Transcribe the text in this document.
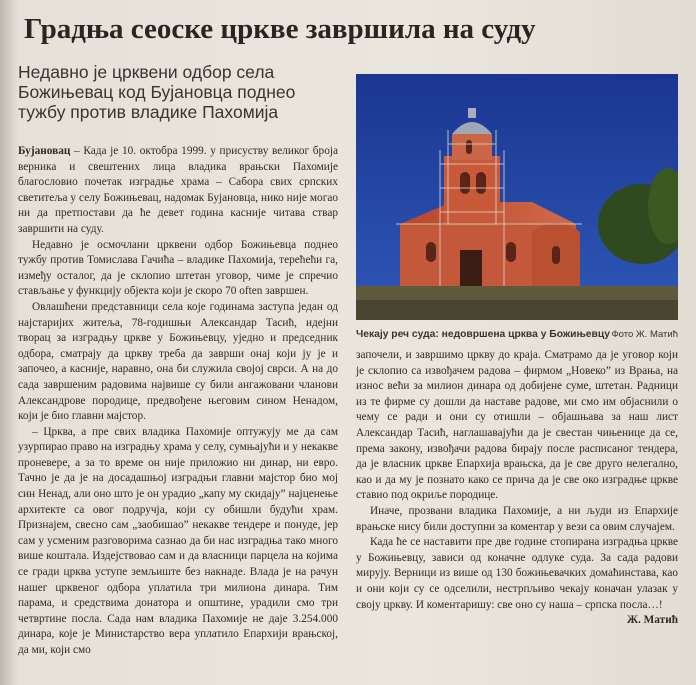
Градња сеоске цркве завршила на суду
Недавно је црквени одбор села Божињевац код Бујановца поднео тужбу против владике Пахомија

Бујановац – Када је 10. октобра 1999. у присуству великог броја верника и свештених лица владика врањски Пахомије благословио почетак изградње храма – Сабора свих српских светитеља у селу Божињевац, надомак Бујановца, нико није могао ни да претпостави да ће девет година касније читава ствар завршити на суду.

Недавно је осмочлани црквени одбор Божињевца поднео тужбу против Томислава Гачића – владике Пахомија, терећећи га, између осталог, да је склопио штетан уговор, чиме је спречио стављање у функцију објекта који је скоро 70 often завршен.

Овлашћени представници села које годинама заступа један од најстаријих житеља, 78-годишњи Александар Тасић, идејни творац за изградњу цркве у Божињевцу, уједно и председник одбора, сматрају да цркву треба да заврши онај који ју је и започео, а касније, наравно, она би служила својој сврси. А на до сада завршеним радовима највише су били ангажовани чланови Александрове породице, предвођене његовим сином Ненадом, који је био главни мајстор.

– Црква, а пре свих владика Пахомије оптужују ме да сам узурпирао право на изградњу храма у селу, сумњајући и у некакве проневере, а за то време он није приложио ни динар, ни евро. Тачно је да је на досадашњој изградњи главни мајстор био мој син Ненад, али оно што је он урадио „капу му скидају” најценење архитекте са овог подручја, који су обишли будући храм. Признајем, свесно сам „заобишао” некакве тендере и понуде, јер сам у усменим разговорима сазнао да би нас изградња тако много више коштала. Издејствовао сам и да власници парцела на којима се гради црква уступе земљиште без накнаде. Влада је на рачун нашег црквеног одбора уплатила три милиона динара. Тим парама, и средствима донатора и општине, урадили смо три четвртине посла. Сада нам владика Пахомије не даје 3.254.000 динара, које је Министарство вера уплатило Епархији врањској, да ми, који смо

Чекају реч суда: недовршена црква у Божињевцу Фото Ж. Матић

започели, и завршимо цркву до краја. Сматрамо да је уговор који је склопио са извођачем радова – фирмом „Новеко” из Врања, на износ већи за милион динара од добијене суме, штетан. Радници из те фирме су дошли да наставе радове, ми смо им објаснили о чему се ради и они су отишли – објашњава за наш лист Александар Тасић, наглашавајући да је свестан чињенице да се, према закону, извођачи радова бирају после расписаног тендера, да је власник цркве Епархија врањска, да је све друго нелегално, као и да му је познато како се прича да је све око изградње цркве ставио под окриље породице.

Иначе, прозвани владика Пахомије, а ни људи из Епархије врањске нису били доступни за коментар у вези са овим случајем.

Када ће се наставити пре две године стопирана изградња цркве у Божињевцу, зависи од коначне одлуке суда. За сада радови мирују. Верници из више од 130 божињевачких домаћинстава, као и они који су се одселили, нестрпљиво чекају коначан улазак у своју цркву. И коментаришу: све оно су наша – српска посла…!

Ж. Матић
